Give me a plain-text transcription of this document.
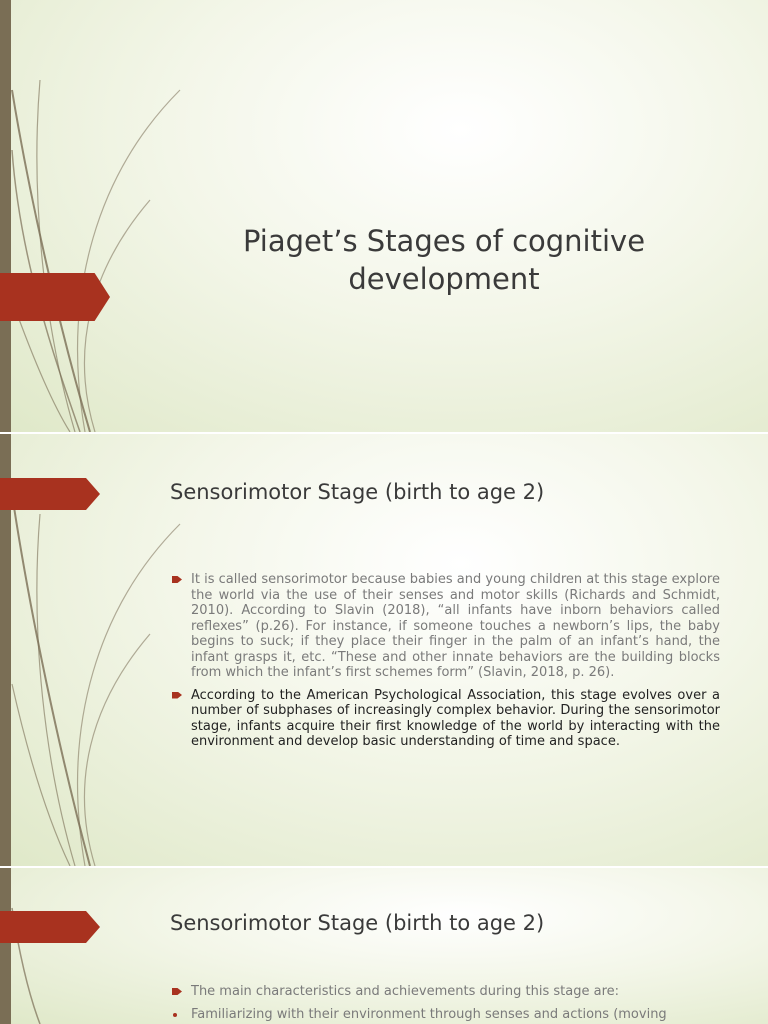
Piaget’s Stages of cognitive development
Sensorimotor Stage (birth to age 2)
It is called sensorimotor because babies and young children at this stage explore the world via the use of their senses and motor skills (Richards and Schmidt, 2010). According to Slavin (2018), “all infants have inborn behaviors called reflexes” (p.26). For instance, if someone touches a newborn’s lips, the baby begins to suck; if they place their finger in the palm of an infant’s hand, the infant grasps it, etc. “These and other innate behaviors are the building blocks from which the infant’s first schemes form” (Slavin, 2018, p. 26).
According to the American Psychological Association, this stage evolves over a number of subphases of increasingly complex behavior. During the sensorimotor stage, infants acquire their first knowledge of the world by interacting with the environment and develop basic understanding of time and space.
Sensorimotor Stage (birth to age 2)
The main characteristics and achievements during this stage are:
Familiarizing with their environment through senses and actions (moving
